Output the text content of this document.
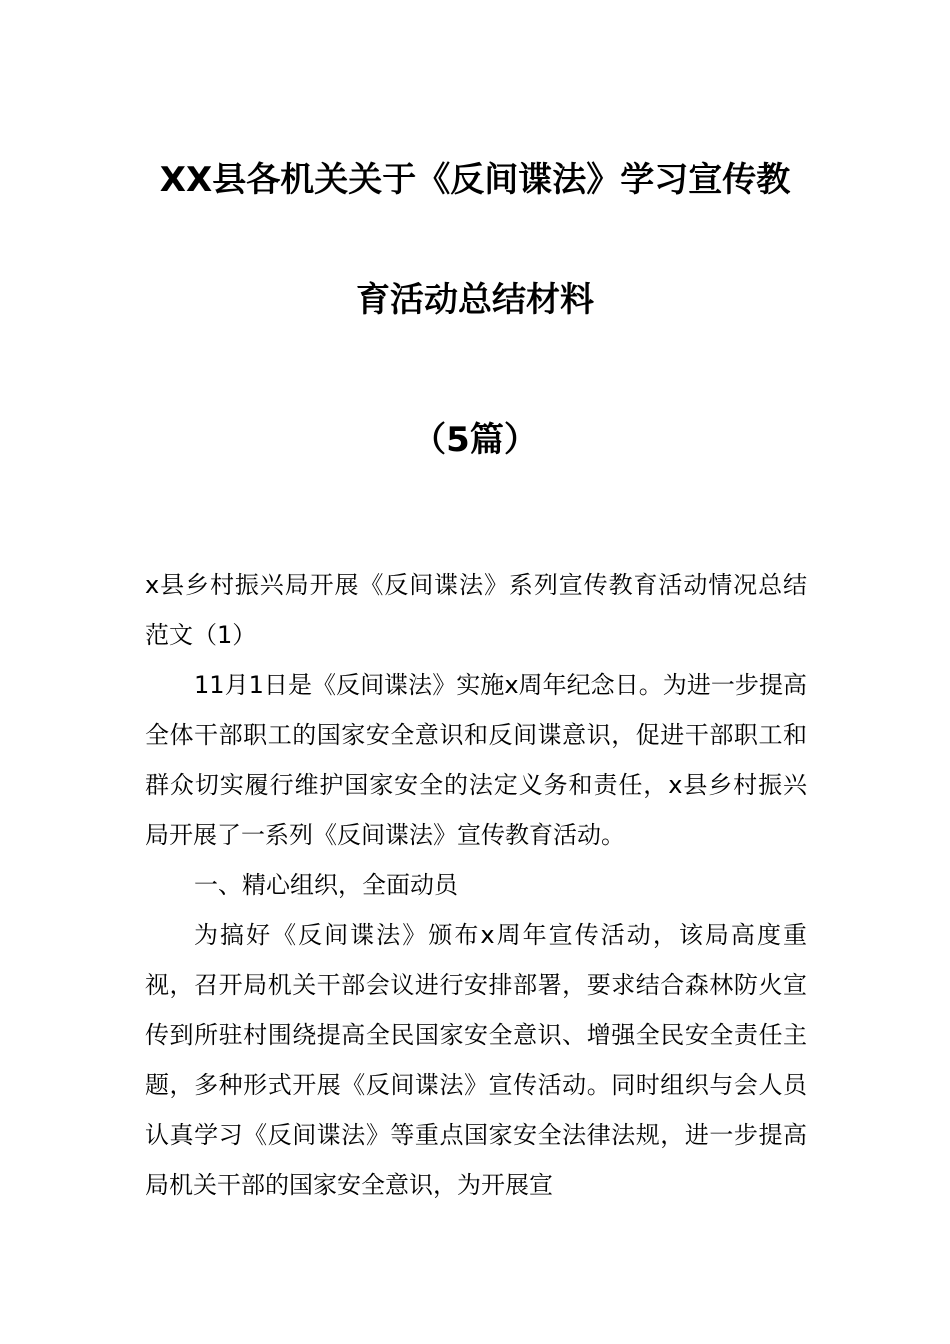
XX县各机关关于《反间谍法》学习宣传教
育活动总结材料
（5篇）

x县乡村振兴局开展《反间谍法》系列宣传教育活动情况总结范文（1）

11月1日是《反间谍法》实施x周年纪念日。为进一步提高全体干部职工的国家安全意识和反间谍意识，促进干部职工和群众切实履行维护国家安全的法定义务和责任，x县乡村振兴局开展了一系列《反间谍法》宣传教育活动。

一、精心组织，全面动员

为搞好《反间谍法》颁布x周年宣传活动，该局高度重视，召开局机关干部会议进行安排部署，要求结合森林防火宣传到所驻村围绕提高全民国家安全意识、增强全民安全责任主题，多种形式开展《反间谍法》宣传活动。同时组织与会人员认真学习《反间谍法》等重点国家安全法律法规，进一步提高局机关干部的国家安全意识，为开展宣
